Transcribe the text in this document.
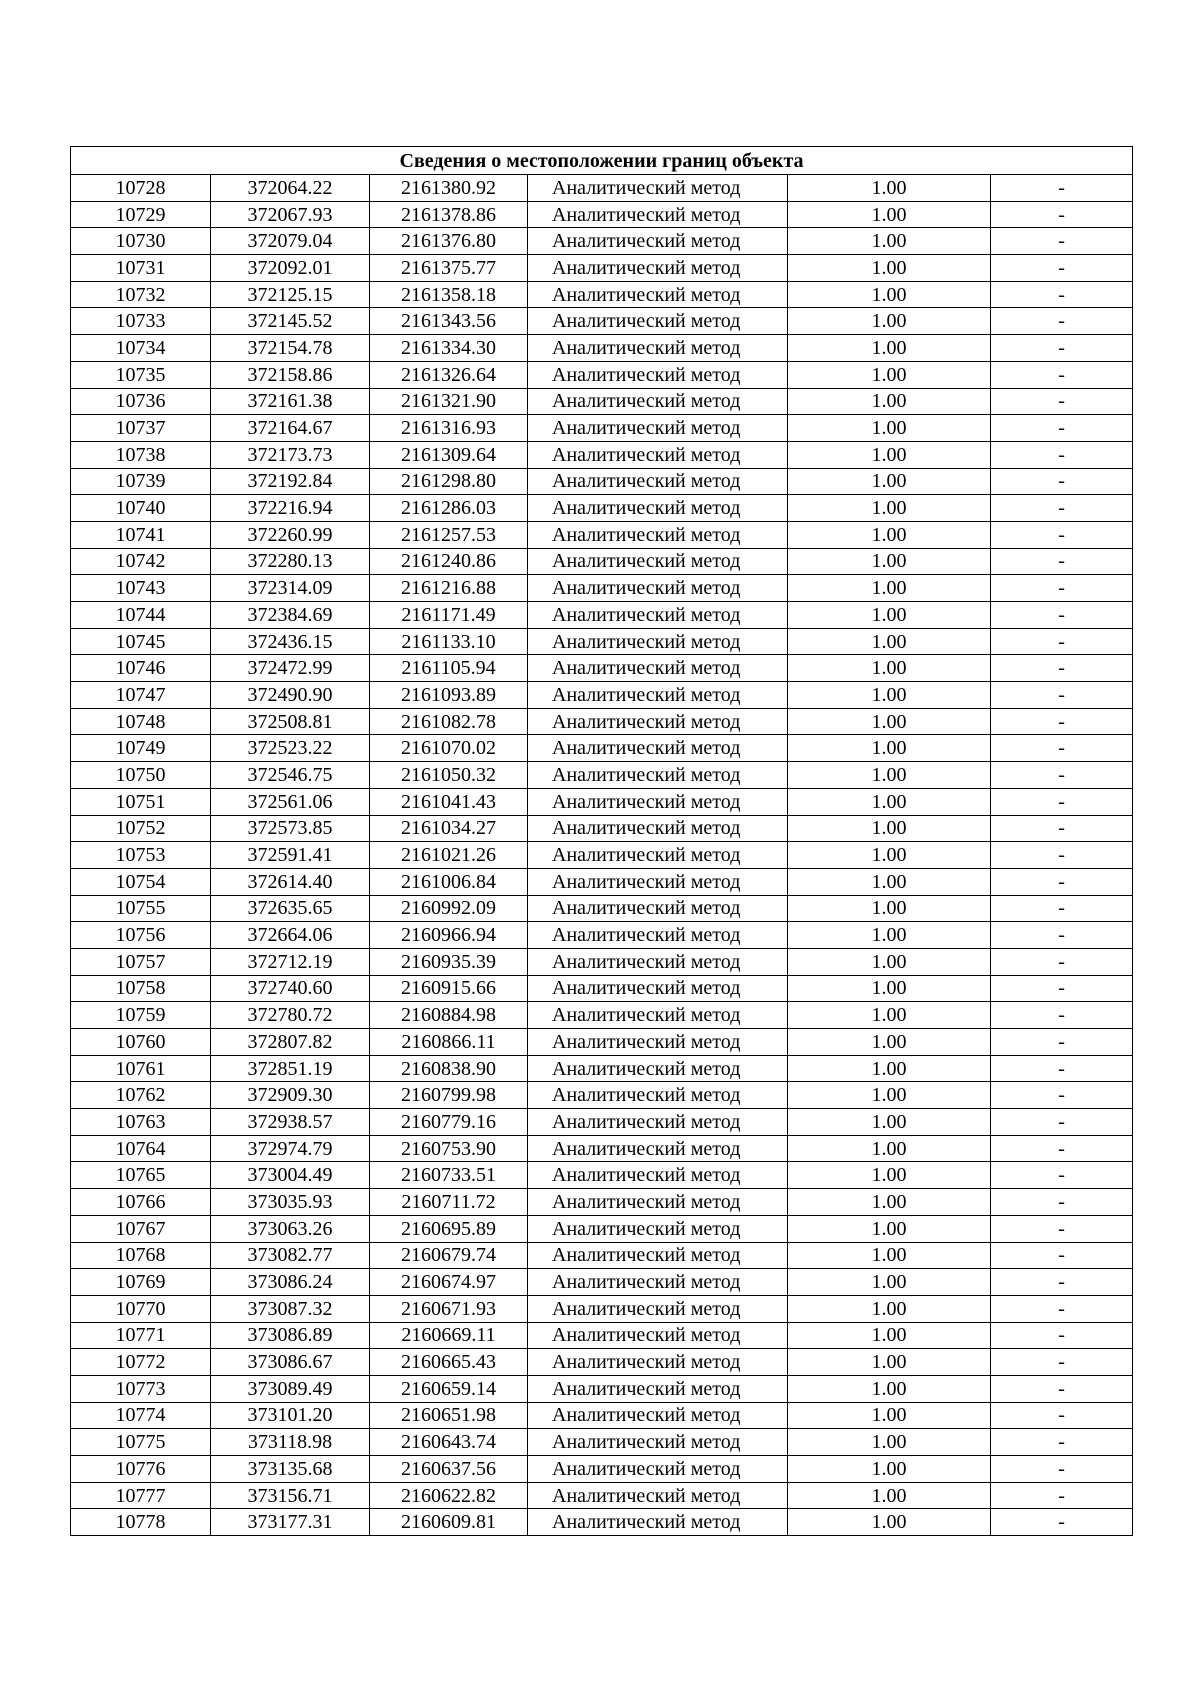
Сведения о местоположении границ объекта					
10728	372064.22	2161380.92	Аналитический метод	1.00	-
10729	372067.93	2161378.86	Аналитический метод	1.00	-
10730	372079.04	2161376.80	Аналитический метод	1.00	-
10731	372092.01	2161375.77	Аналитический метод	1.00	-
10732	372125.15	2161358.18	Аналитический метод	1.00	-
10733	372145.52	2161343.56	Аналитический метод	1.00	-
10734	372154.78	2161334.30	Аналитический метод	1.00	-
10735	372158.86	2161326.64	Аналитический метод	1.00	-
10736	372161.38	2161321.90	Аналитический метод	1.00	-
10737	372164.67	2161316.93	Аналитический метод	1.00	-
10738	372173.73	2161309.64	Аналитический метод	1.00	-
10739	372192.84	2161298.80	Аналитический метод	1.00	-
10740	372216.94	2161286.03	Аналитический метод	1.00	-
10741	372260.99	2161257.53	Аналитический метод	1.00	-
10742	372280.13	2161240.86	Аналитический метод	1.00	-
10743	372314.09	2161216.88	Аналитический метод	1.00	-
10744	372384.69	2161171.49	Аналитический метод	1.00	-
10745	372436.15	2161133.10	Аналитический метод	1.00	-
10746	372472.99	2161105.94	Аналитический метод	1.00	-
10747	372490.90	2161093.89	Аналитический метод	1.00	-
10748	372508.81	2161082.78	Аналитический метод	1.00	-
10749	372523.22	2161070.02	Аналитический метод	1.00	-
10750	372546.75	2161050.32	Аналитический метод	1.00	-
10751	372561.06	2161041.43	Аналитический метод	1.00	-
10752	372573.85	2161034.27	Аналитический метод	1.00	-
10753	372591.41	2161021.26	Аналитический метод	1.00	-
10754	372614.40	2161006.84	Аналитический метод	1.00	-
10755	372635.65	2160992.09	Аналитический метод	1.00	-
10756	372664.06	2160966.94	Аналитический метод	1.00	-
10757	372712.19	2160935.39	Аналитический метод	1.00	-
10758	372740.60	2160915.66	Аналитический метод	1.00	-
10759	372780.72	2160884.98	Аналитический метод	1.00	-
10760	372807.82	2160866.11	Аналитический метод	1.00	-
10761	372851.19	2160838.90	Аналитический метод	1.00	-
10762	372909.30	2160799.98	Аналитический метод	1.00	-
10763	372938.57	2160779.16	Аналитический метод	1.00	-
10764	372974.79	2160753.90	Аналитический метод	1.00	-
10765	373004.49	2160733.51	Аналитический метод	1.00	-
10766	373035.93	2160711.72	Аналитический метод	1.00	-
10767	373063.26	2160695.89	Аналитический метод	1.00	-
10768	373082.77	2160679.74	Аналитический метод	1.00	-
10769	373086.24	2160674.97	Аналитический метод	1.00	-
10770	373087.32	2160671.93	Аналитический метод	1.00	-
10771	373086.89	2160669.11	Аналитический метод	1.00	-
10772	373086.67	2160665.43	Аналитический метод	1.00	-
10773	373089.49	2160659.14	Аналитический метод	1.00	-
10774	373101.20	2160651.98	Аналитический метод	1.00	-
10775	373118.98	2160643.74	Аналитический метод	1.00	-
10776	373135.68	2160637.56	Аналитический метод	1.00	-
10777	373156.71	2160622.82	Аналитический метод	1.00	-
10778	373177.31	2160609.81	Аналитический метод	1.00	-
